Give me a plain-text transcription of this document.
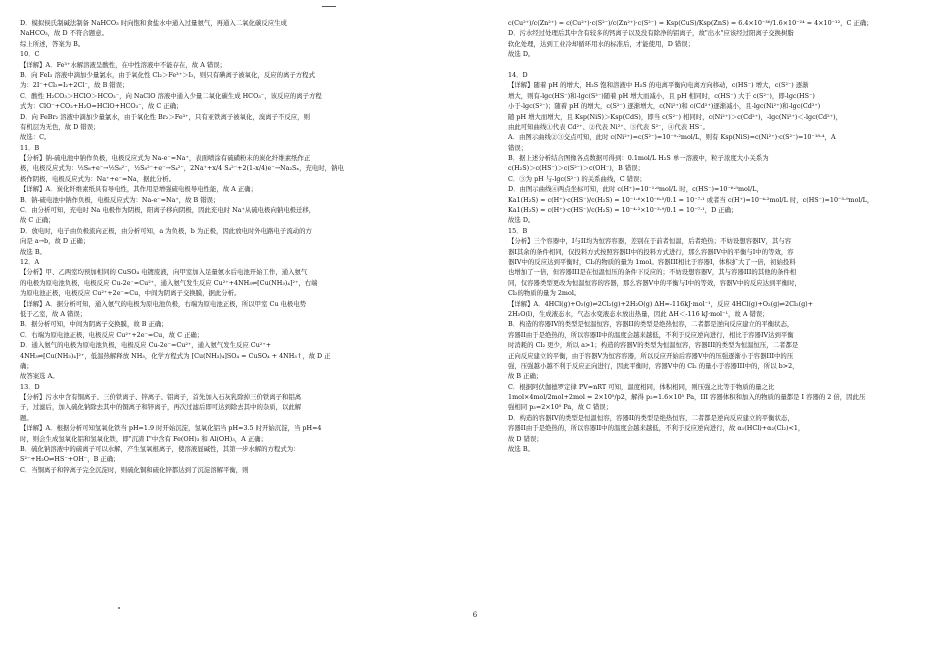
D．模拟侯氏制碱法制备 NaHCO₃ 时向饱和食盐水中通入过量氨气，再通入二氧化碳反应生成
NaHCO₃，故 D 不符合题意。
综上所述，答案为 B。
10．C
【详解】A．Fe³⁺水解溶液呈酸性，在中性溶液中不能存在，故 A 错误；
B．向 FeI₂ 溶液中滴加少量氯水，由于氧化性 Cl₂＞Fe³⁺＞I₂，则只有碘离子被氧化，反应的离子方程式
为：2I⁻+Cl₂=I₂+2Cl⁻，故 B 错误；
C．酸性 H₂CO₃＞HClO＞HCO₃⁻，向 NaClO 溶液中通入少量二氧化碳生成 HCO₃⁻，该反应的离子方程
式为：ClO⁻+CO₂+H₂O=HClO+HCO₃⁻，故 C 正确；
D．向 FeBr₂ 溶液中滴加少量氯水，由于氧化性 Br₂＞Fe³⁺，只有亚铁离子被氧化，溴离子不反应，则
有机层为无色，故 D 错误；
故选：C。
11．B
【分析】钠-硫电池中钠作负极，电极反应式为 Na-e⁻=Na⁺，表面喷涂有硫磺粉末的炭化纤维素纸作正
极，电极反应式为：½S₈+e⁻→½S₈²⁻，½S₈²⁻+e⁻→S₄²⁻，2Na⁺+x/4 S₄²⁻+2(1-x/4)e⁻→Na₂Sₓ，充电时，钠电
极作阴极，电极反应式为：Na⁺+e⁻=Na，据此分析。
【详解】A．炭化纤维素纸具有导电性，其作用是增强硫电极导电性能，故 A 正确；
B．钠-硫电池中钠作负极，电极反应式为：Na-e⁻=Na⁺，故 B 错误；
C．由分析可知，充电时 Na 电极作为阴极，阳离子移向阴极，因此充电时 Na⁺从硫电极向钠电极迁移，
故 C 正确；
D．放电时，电子由负极流向正极，由分析可知，a 为负极，b 为正极，因此放电时外电路电子流动的方
向是 a→b，故 D 正确；
故选 B。
12．A
【分析】甲、乙两室均预加相同的 CuSO₄ 电镀废液，向甲室加入足量氨水后电池开始工作，通入氨气
的电极为原电池负极，电极反应 Cu-2e⁻=Cu²⁺，通入氨气发生反应 Cu²⁺+4NH₃⇌[Cu(NH₃)₄]²⁺，右端
为原电池正极，电极反应 Cu²⁺+2e⁻=Cu，中间为阴离子交换膜，据此分析。
【详解】A．据分析可知，通入氨气的电极为原电池负极，右端为原电池正极，所以甲室 Cu 电极电势
低于乙室，故 A 错误；
B．据分析可知，中间为阴离子交换膜，故 B 正确；
C．右端为原电池正极，电极反应 Cu²⁺+2e⁻=Cu，故 C 正确；
D．通入氨气的电极为原电池负极，电极反应 Cu-2e⁻=Cu²⁺，通入氨气发生反应 Cu²⁺+
4NH₃⇌[Cu(NH₃)₄]²⁺，低温热解释放 NH₃，化学方程式为 [Cu(NH₃)₄]SO₄ = CuSO₄ + 4NH₃↑，故 D 正
确；
故答案选 A。
13．D
【分析】污水中含有铜离子、三价铁离子、锌离子、铝离子，首先加入石灰乳除掉三价铁离子和铝离
子，过滤后，加入硫化钠除去其中的铜离子和锌离子，再次过滤后即可达到除去其中的杂质，以此解
题。
【详解】A．根据分析可知氢氧化铁当 pH=1.9 时开始沉淀，氢氧化铝当 pH=3.5 时开始沉淀，当 pH=4
时，则会生成氢氧化铝和氢氧化铁，即"沉渣 I"中含有 Fe(OH)₃ 和 Al(OH)₃，A 正确；
B．硫化钠溶液中的硫离子可以水解，产生氢氧根离子，使溶液显碱性，其第一步水解的方程式为：
S²⁻+H₂O⇌HS⁻+OH⁻，B 正确；
C．当铜离子和锌离子完全沉淀时，则硫化铜和硫化锌都达到了沉淀溶解平衡，则
c(Cu²⁺)/c(Zn²⁺) = c(Cu²⁺)·c(S²⁻)/c(Zn²⁺)·c(S²⁻) = Ksp(CuS)/Ksp(ZnS) = 6.4×10⁻³⁶/1.6×10⁻²⁴ = 4×10⁻¹²，C 正确；
D．污水经过处理后其中含有较多的钙离子以及没有除净的铝离子，故"出水"应该经过阳离子交换树脂
软化处理，达到工业冷却循环用水的标准后，才能使用，D 错误；
故选 D。
14．D
【详解】随着 pH 的增大，H₂S 饱和溶液中 H₂S 的电离平衡向电离方向移动，c(HS⁻) 增大，c(S²⁻) 逐渐
增大，则有-lgc(HS⁻)和-lgc(S²⁻)随着 pH 增大而减小，且 pH 相同时，c(HS⁻) 大于 c(S²⁻)，即-lgc(HS⁻)
小于-lgc(S²⁻)；随着 pH 的增大，c(S²⁻) 逐渐增大，c(Ni²⁺)和 c(Cd²⁺)逐渐减小，且-lgc(Ni²⁺)和-lgc(Cd²⁺)
随 pH 增大而增大，且 Ksp(NiS)＞Ksp(CdS)，即当 c(S²⁻) 相同时，c(Ni²⁺)＞c(Cd²⁺)，-lgc(Ni²⁺)＜-lgc(Cd²⁺)，
由此可知曲线①代表 Cd²⁺、②代表 Ni²⁺、③代表 S²⁻，④代表 HS⁻。
A．由图示曲线②③交点可知，此时 c(Ni²⁺)=c(S²⁻)=10⁻⁹·²mol/L，则有 Ksp(NiS)=c(Ni²⁺)·c(S²⁻)=10⁻¹⁸·⁴，A
错误；
B．据上述分析结合图像各点数据可得到：0.1mol/L H₂S 单一溶液中，粒子浓度大小关系为
c(H₂S)＞c(HS⁻)＞c(S²⁻)＞c(OH⁻)，B 错误；
C．③为 pH 与-lgc(S²⁻) 的关系曲线，C 错误；
D．由图示曲线④两点坐标可知，此时 c(H⁺)=10⁻¹·⁶mol/L 时，c(HS⁻)=10⁻⁶·⁵mol/L，
Ka1(H₂S) = c(H⁺)·c(HS⁻)/c(H₂S) = 10⁻¹·⁶×10⁻⁶·⁵/0.1 = 10⁻⁷·¹ 或者当 c(H⁺)=10⁻⁴·²mol/L 时，c(HS⁻)=10⁻³·⁹mol/L，
Ka1(H₂S) = c(H⁺)·c(HS⁻)/c(H₂S) = 10⁻⁴·²×10⁻³·⁹/0.1 = 10⁻⁷·¹，D 正确；
故选 D。
15．B
【分析】三个容器中，I与II均为恒容容器，差别在于前者恒温，后者绝热；不妨设想容器IV，其与容
器I其余的条件相同，仅投料方式按照容器II中的投料方式进行，那么容器IV中的平衡与I中的等效，容
器IV中的反应达到平衡时，Cl₂的物质的量为 1mol。容器III相比于容器I，体积扩大了一倍，初始投料
也增加了一倍，但容器III是在恒温恒压的条件下反应的；不妨设想容器V，其与容器III的其他的条件相
同，仅容器类型更改为恒温恒容的容器，那么容器V中的平衡与I中的等效，容器V中的反应达到平衡时，
Cl₂的物质的量为 2mol。
【详解】A．4HCl(g)+O₂(g)⇌2Cl₂(g)+2H₂O(g) ΔH=-116kJ·mol⁻¹，反应 4HCl(g)+O₂(g)⇌2Cl₂(g)+
2H₂O(l)，生成液态水，气态水变液态水放出热量，因此 ΔH＜-116 kJ·mol⁻¹，故 A 错误；
B．构造的容器IV的类型是恒温恒容，容器II的类型是绝热恒容，二者都是逆向反应建立的平衡状态，
容器II由于是绝热的，所以容器II中的温度会越来越低，不利于反应逆向进行，相比于容器IV达到平衡
时消耗的 Cl₂ 更少，所以 a>1；构造的容器V的类型为恒温恒容，容器III的类型为恒温恒压，二者都是
正向反应建立的平衡，由于容器V为恒容容器，所以反应开始后容器V中的压强逐渐小于容器III中的压
强，压强越小越不利于反应正向进行，因此平衡时，容器V中的 Cl₂ 的量小于容器III中的，所以 b>2，
故 B 正确；
C．根据阿伏伽德罗定律 PV=nRT 可知，温度相同，体积相同，则压强之比等于物质的量之比
1mol×4mol/2mol+2mol = 2×10⁵/p2，解得 p₂=1.6×10⁵ Pa，III 容器体积和加入的物质的量都是 I 容器的 2 倍，因此压
强相同 p₃=2×10⁵ Pa，故 C 错误；
D．构造的容器IV的类型是恒温恒容，容器II的类型是绝热恒容，二者都是逆向反应建立的平衡状态，
容器II由于是绝热的，所以容器II中的温度会越来越低，不利于反应逆向进行，故 α₁(HCl)+α₂(Cl₂)<1，
故 D 错误；
故选 B。
6
